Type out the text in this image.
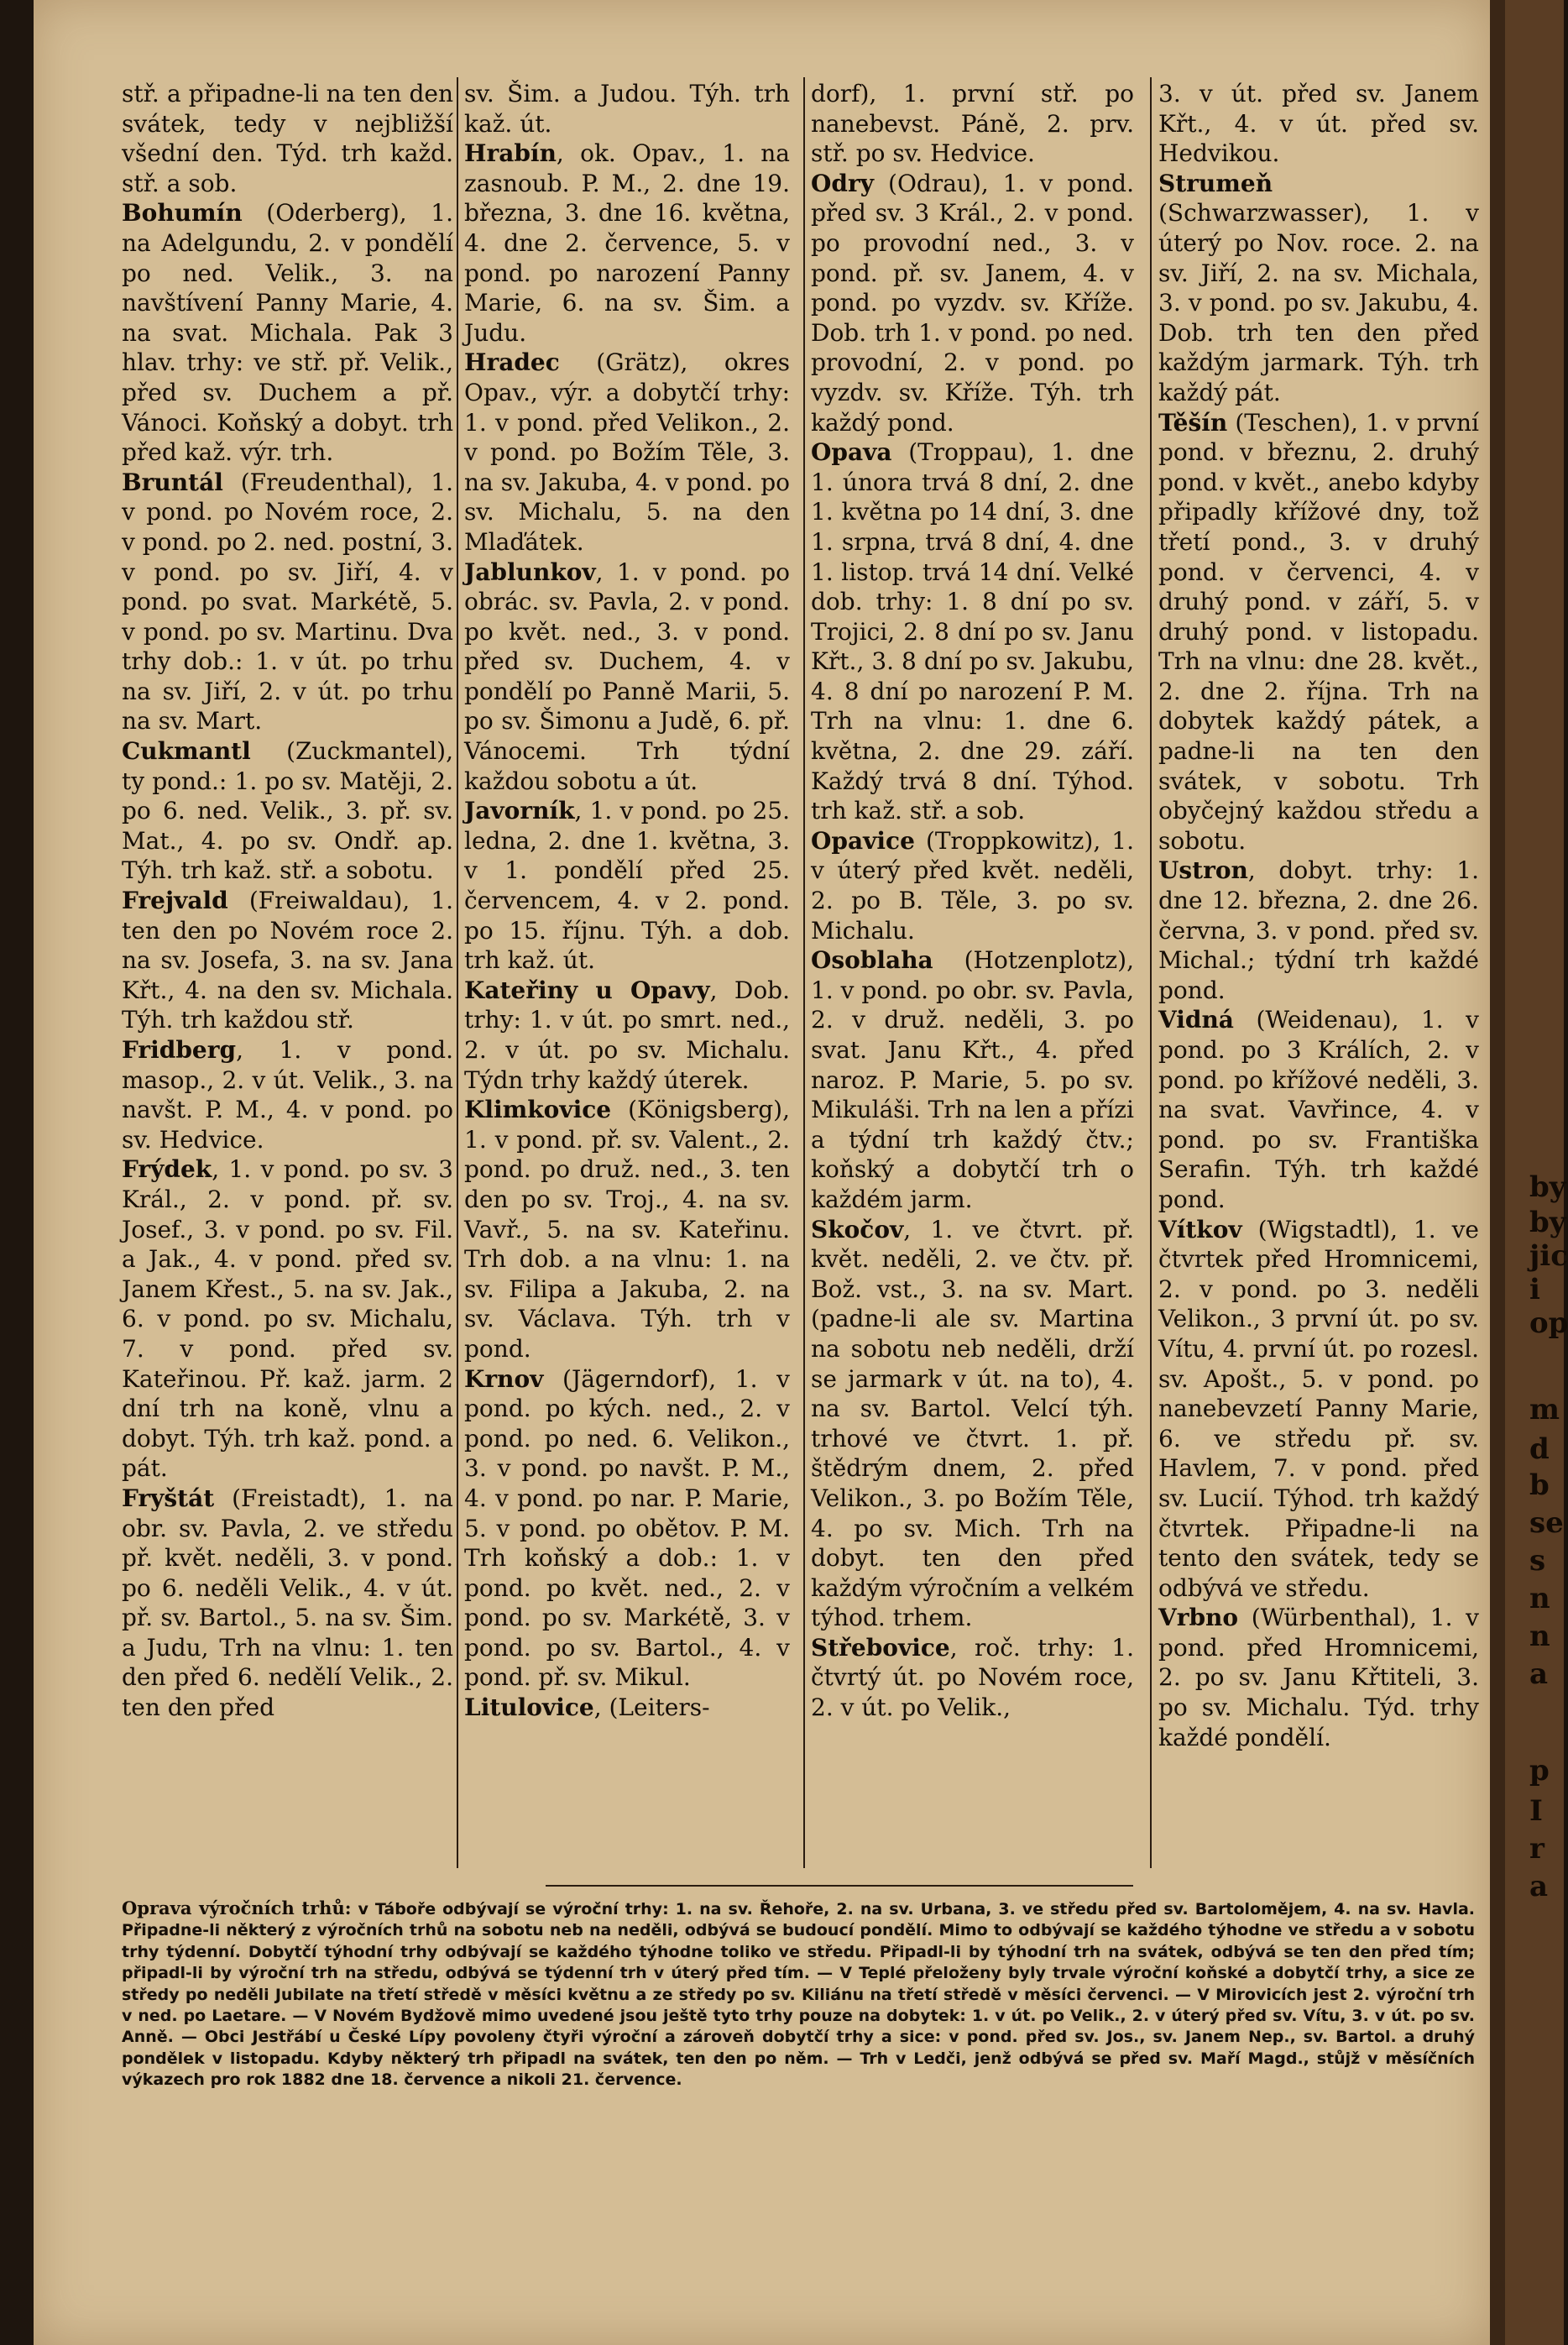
by
by
jic
i
op
m
d
b
se
s
n
n
a
p
I
r
a

stř. a připadne-li na ten den svátek, tedy v nejbližší všední den. Týd. trh každ. stř. a sob.

Bohumín (Oderberg), 1. na Adelgundu, 2. v pondělí po ned. Velik., 3. na navštívení Panny Marie, 4. na svat. Michala. Pak 3 hlav. trhy: ve stř. př. Velik., před sv. Duchem a př. Vánoci. Koňský a dobyt. trh před kaž. výr. trh.

Bruntál (Freudenthal), 1. v pond. po Novém roce, 2. v pond. po 2. ned. postní, 3. v pond. po sv. Jiří, 4. v pond. po svat. Markétě, 5. v pond. po sv. Martinu. Dva trhy dob.: 1. v út. po trhu na sv. Jiří, 2. v út. po trhu na sv. Mart.

Cukmantl (Zuckmantel), ty pond.: 1. po sv. Matěji, 2. po 6. ned. Velik., 3. př. sv. Mat., 4. po sv. Ondř. ap. Týh. trh kaž. stř. a sobotu.

Frejvald (Freiwaldau), 1. ten den po Novém roce 2. na sv. Josefa, 3. na sv. Jana Křt., 4. na den sv. Michala. Týh. trh každou stř.

Fridberg, 1. v pond. masop., 2. v út. Velik., 3. na navšt. P. M., 4. v pond. po sv. Hedvice.

Frýdek, 1. v pond. po sv. 3 Král., 2. v pond. př. sv. Josef., 3. v pond. po sv. Fil. a Jak., 4. v pond. před sv. Janem Křest., 5. na sv. Jak., 6. v pond. po sv. Michalu, 7. v pond. před sv. Kateřinou. Př. kaž. jarm. 2 dní trh na koně, vlnu a dobyt. Týh. trh kaž. pond. a pát.

Fryštát (Freistadt), 1. na obr. sv. Pavla, 2. ve středu př. květ. neděli, 3. v pond. po 6. neděli Velik., 4. v út. př. sv. Bartol., 5. na sv. Šim. a Judu, Trh na vlnu: 1. ten den před 6. nedělí Velik., 2. ten den před

sv. Šim. a Judou. Týh. trh kaž. út.

Hrabín, ok. Opav., 1. na zasnoub. P. M., 2. dne 19. března, 3. dne 16. května, 4. dne 2. července, 5. v pond. po narození Panny Marie, 6. na sv. Šim. a Judu.

Hradec (Grätz), okres Opav., výr. a dobytčí trhy: 1. v pond. před Velikon., 2. v pond. po Božím Těle, 3. na sv. Jakuba, 4. v pond. po sv. Michalu, 5. na den Mlaďátek.

Jablunkov, 1. v pond. po obrác. sv. Pavla, 2. v pond. po květ. ned., 3. v pond. před sv. Duchem, 4. v pondělí po Panně Marii, 5. po sv. Šimonu a Judě, 6. př. Vánocemi. Trh týdní každou sobotu a út.

Javorník, 1. v pond. po 25. ledna, 2. dne 1. května, 3. v 1. pondělí před 25. červencem, 4. v 2. pond. po 15. říjnu. Týh. a dob. trh kaž. út.

Kateřiny u Opavy, Dob. trhy: 1. v út. po smrt. ned., 2. v út. po sv. Michalu. Týdn trhy každý úterek.

Klimkovice (Königsberg), 1. v pond. př. sv. Valent., 2. pond. po druž. ned., 3. ten den po sv. Troj., 4. na sv. Vavř., 5. na sv. Kateřinu. Trh dob. a na vlnu: 1. na sv. Filipa a Jakuba, 2. na sv. Václava. Týh. trh v pond.

Krnov (Jägerndorf), 1. v pond. po kých. ned., 2. v pond. po ned. 6. Velikon., 3. v pond. po navšt. P. M., 4. v pond. po nar. P. Marie, 5. v pond. po obětov. P. M. Trh koňský a dob.: 1. v pond. po květ. ned., 2. v pond. po sv. Markétě, 3. v pond. po sv. Bartol., 4. v pond. př. sv. Mikul.

Litulovice, (Leiters-

dorf), 1. první stř. po nanebevst. Páně, 2. prv. stř. po sv. Hedvice.

Odry (Odrau), 1. v pond. před sv. 3 Král., 2. v pond. po provodní ned., 3. v pond. př. sv. Janem, 4. v pond. po vyzdv. sv. Kříže. Dob. trh 1. v pond. po ned. provodní, 2. v pond. po vyzdv. sv. Kříže. Týh. trh každý pond.

Opava (Troppau), 1. dne 1. února trvá 8 dní, 2. dne 1. května po 14 dní, 3. dne 1. srpna, trvá 8 dní, 4. dne 1. listop. trvá 14 dní. Velké dob. trhy: 1. 8 dní po sv. Trojici, 2. 8 dní po sv. Janu Křt., 3. 8 dní po sv. Jakubu, 4. 8 dní po narození P. M. Trh na vlnu: 1. dne 6. května, 2. dne 29. září. Každý trvá 8 dní. Týhod. trh kaž. stř. a sob.

Opavice (Troppkowitz), 1. v úterý před květ. neděli, 2. po B. Těle, 3. po sv. Michalu.

Osoblaha (Hotzenplotz), 1. v pond. po obr. sv. Pavla, 2. v druž. neděli, 3. po svat. Janu Křt., 4. před naroz. P. Marie, 5. po sv. Mikuláši. Trh na len a přízi a týdní trh každý čtv.; koňský a dobytčí trh o každém jarm.

Skočov, 1. ve čtvrt. př. květ. neděli, 2. ve čtv. př. Bož. vst., 3. na sv. Mart. (padne-li ale sv. Martina na sobotu neb neděli, drží se jarmark v út. na to), 4. na sv. Bartol. Velcí týh. trhové ve čtvrt. 1. př. štědrým dnem, 2. před Velikon., 3. po Božím Těle, 4. po sv. Mich. Trh na dobyt. ten den před každým výročním a velkém týhod. trhem.

Střebovice, roč. trhy: 1. čtvrtý út. po Novém roce, 2. v út. po Velik.,

3. v út. před sv. Janem Křt., 4. v út. před sv. Hedvikou.

Strumeň (Schwarzwasser), 1. v úterý po Nov. roce. 2. na sv. Jiří, 2. na sv. Michala, 3. v pond. po sv. Jakubu, 4. Dob. trh ten den před každým jarmark. Týh. trh každý pát.

Těšín (Teschen), 1. v první pond. v březnu, 2. druhý pond. v květ., anebo kdyby připadly křížové dny, tož třetí pond., 3. v druhý pond. v červenci, 4. v druhý pond. v září, 5. v druhý pond. v listopadu. Trh na vlnu: dne 28. květ., 2. dne 2. října. Trh na dobytek každý pátek, a padne-li na ten den svátek, v sobotu. Trh obyčejný každou středu a sobotu.

Ustron, dobyt. trhy: 1. dne 12. března, 2. dne 26. června, 3. v pond. před sv. Michal.; týdní trh každé pond.

Vidná (Weidenau), 1. v pond. po 3 Králích, 2. v pond. po křížové neděli, 3. na svat. Vavřince, 4. v pond. po sv. Františka Serafin. Týh. trh každé pond.

Vítkov (Wigstadtl), 1. ve čtvrtek před Hromnicemi, 2. v pond. po 3. neděli Velikon., 3 první út. po sv. Vítu, 4. první út. po rozesl. sv. Apošt., 5. v pond. po nanebevzetí Panny Marie, 6. ve středu př. sv. Havlem, 7. v pond. před sv. Lucií. Týhod. trh každý čtvrtek. Připadne-li na tento den svátek, tedy se odbývá ve středu.

Vrbno (Würbenthal), 1. v pond. před Hromnicemi, 2. po sv. Janu Křtiteli, 3. po sv. Michalu. Týd. trhy každé pondělí.

Oprava výročních trhů: v Táboře odbývají se výroční trhy: 1. na sv. Řehoře, 2. na sv. Urbana, 3. ve středu před sv. Bartolomějem, 4. na sv. Havla. Připadne-li některý z výročních trhů na sobotu neb na neděli, odbývá se budoucí pondělí. Mimo to odbývají se každého týhodne ve středu a v sobotu trhy týdenní. Dobytčí týhodní trhy odbývají se každého týhodne toliko ve středu. Připadl-li by týhodní trh na svátek, odbývá se ten den před tím; připadl-li by výroční trh na středu, odbývá se týdenní trh v úterý před tím. — V Teplé přeloženy byly trvale výroční koňské a dobytčí trhy, a sice ze středy po neděli Jubilate na třetí středě v měsíci květnu a ze středy po sv. Kiliánu na třetí středě v měsíci červenci. — V Mirovicích jest 2. výroční trh v ned. po Laetare. — V Novém Bydžově mimo uvedené jsou ještě tyto trhy pouze na dobytek: 1. v út. po Velik., 2. v úterý před sv. Vítu, 3. v út. po sv. Anně. — Obci Jestřábí u České Lípy povoleny čtyři výroční a zároveň dobytčí trhy a sice: v pond. před sv. Jos., sv. Janem Nep., sv. Bartol. a druhý pondělek v listopadu. Kdyby některý trh připadl na svátek, ten den po něm. — Trh v Ledči, jenž odbývá se před sv. Maří Magd., stůjž v měsíčních výkazech pro rok 1882 dne 18. července a nikoli 21. července.
